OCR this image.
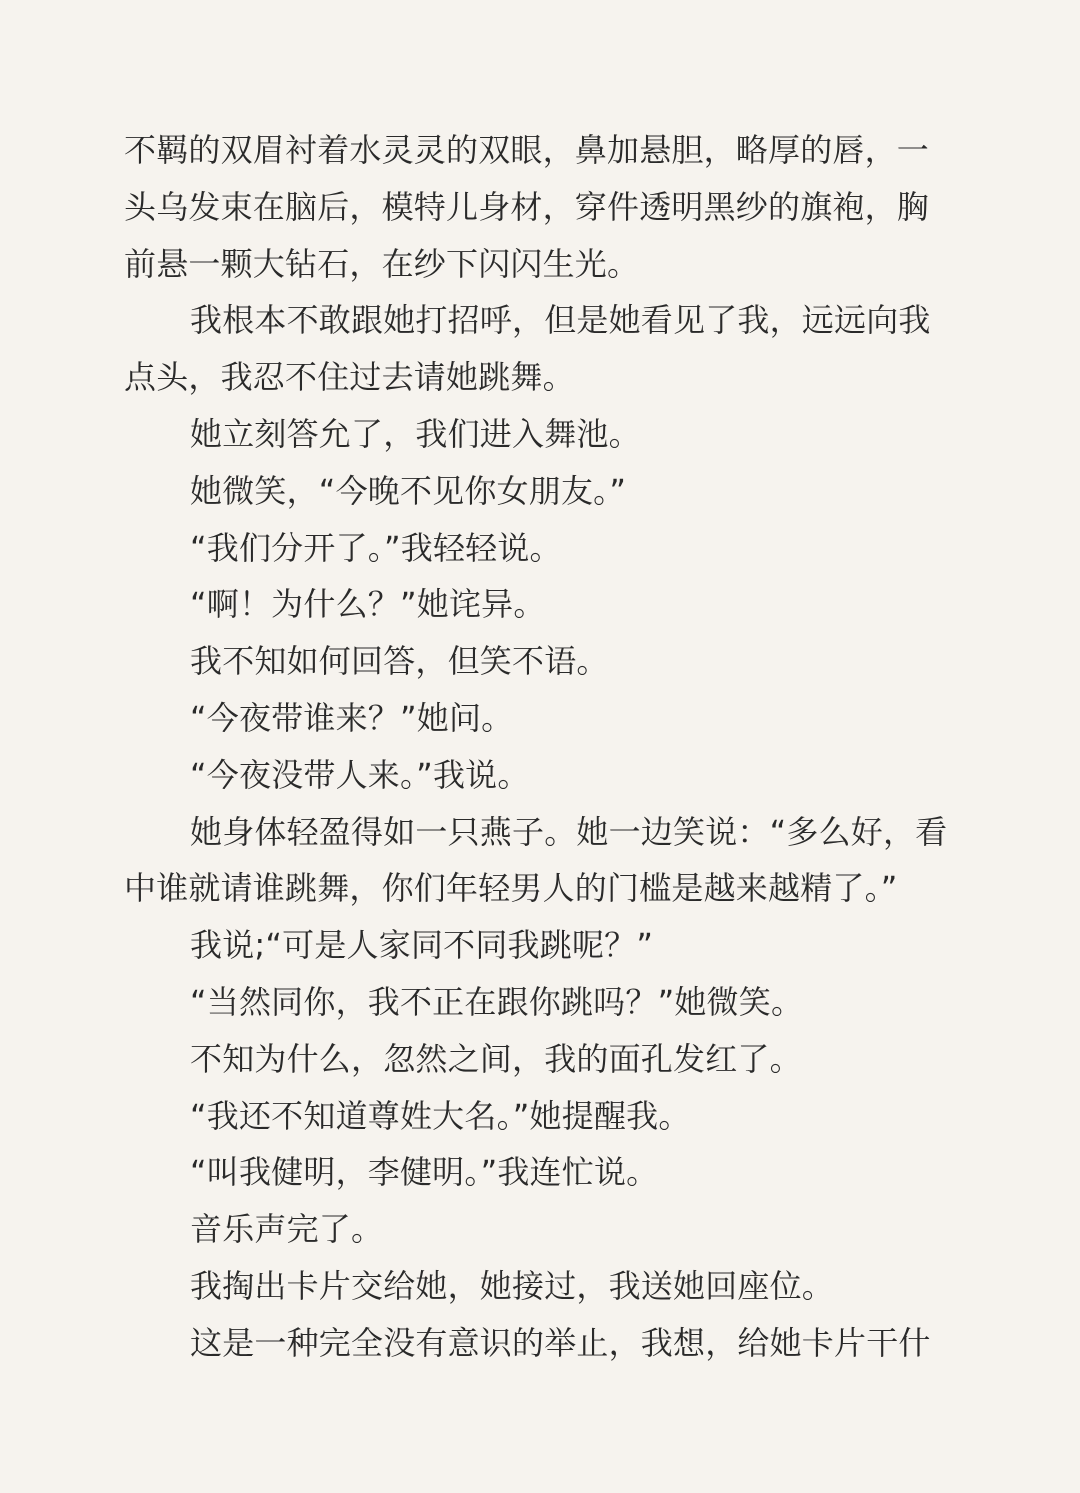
不羁的双眉衬着水灵灵的双眼，鼻加悬胆，略厚的唇，一
头乌发束在脑后，模特儿身材，穿件透明黑纱的旗袍，胸
前悬一颗大钻石，在纱下闪闪生光。
我根本不敢跟她打招呼，但是她看见了我，远远向我
点头，我忍不住过去请她跳舞。
她立刻答允了，我们进入舞池。
她微笑，“今晚不见你女朋友。”
“我们分开了。”我轻轻说。
“啊！为什么？”她诧异。
我不知如何回答，但笑不语。
“今夜带谁来？”她问。
“今夜没带人来。”我说。
她身体轻盈得如一只燕子。她一边笑说：“多么好，看
中谁就请谁跳舞，你们年轻男人的门槛是越来越精了。”
我说;“可是人家同不同我跳呢？”
“当然同你，我不正在跟你跳吗？”她微笑。
不知为什么，忽然之间，我的面孔发红了。
“我还不知道尊姓大名。”她提醒我。
“叫我健明，李健明。”我连忙说。
音乐声完了。
我掏出卡片交给她，她接过，我送她回座位。
这是一种完全没有意识的举止，我想，给她卡片干什
